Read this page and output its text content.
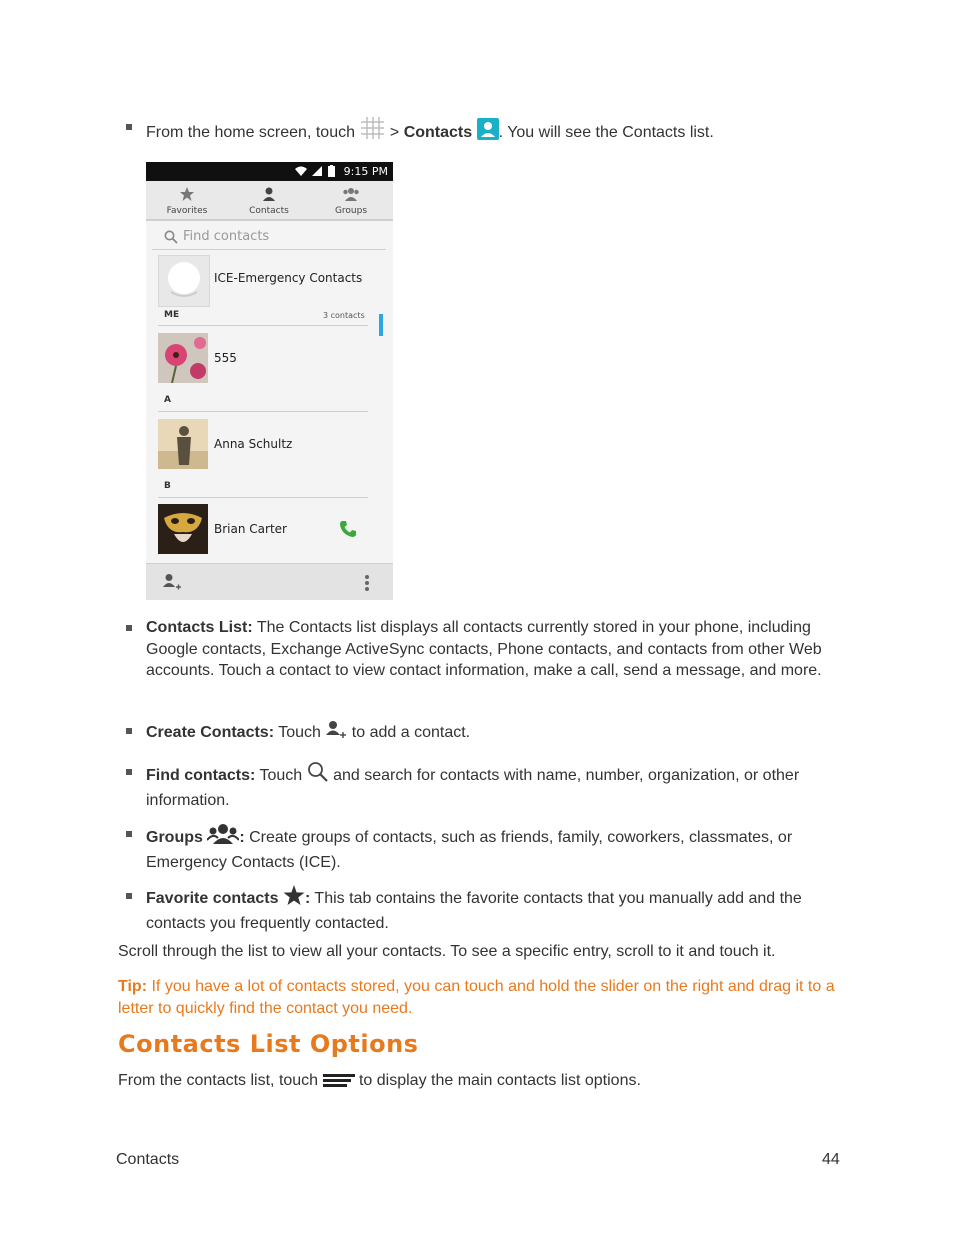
From the home screen, touch > Contacts . You will see the Contacts list.
9:15 PM
Favorites	Contacts	Groups
Find contacts
ICE-Emergency Contacts
ME	3 contacts
555
A
Anna Schultz
B
Brian Carter
Contacts List: The Contacts list displays all contacts currently stored in your phone, including Google contacts, Exchange ActiveSync contacts, Phone contacts, and contacts from other Web accounts. Touch a contact to view contact information, make a call, send a message, and more.
Create Contacts: Touch to add a contact.
Find contacts: Touch and search for contacts with name, number, organization, or other information.
Groups : Create groups of contacts, such as friends, family, coworkers, classmates, or Emergency Contacts (ICE).
Favorite contacts : This tab contains the favorite contacts that you manually add and the contacts you frequently contacted.
Scroll through the list to view all your contacts. To see a specific entry, scroll to it and touch it.
Tip: If you have a lot of contacts stored, you can touch and hold the slider on the right and drag it to a letter to quickly find the contact you need.
Contacts List Options
From the contacts list, touch	to display the main contacts list options.
Contacts	44
